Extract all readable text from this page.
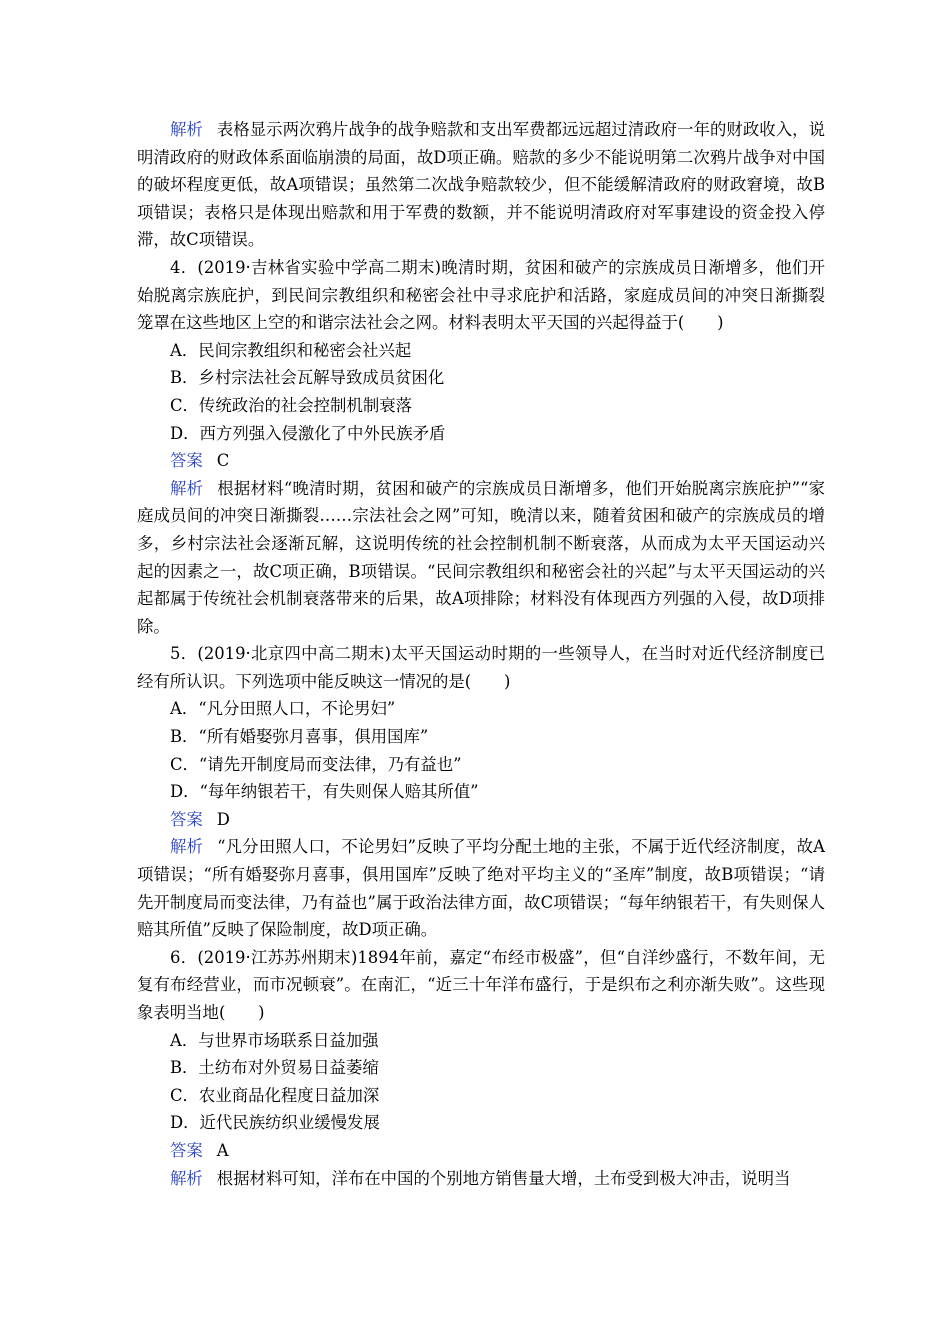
解析 表格显示两次鸦片战争的战争赔款和支出军费都远远超过清政府一年的财政收入，说明清政府的财政体系面临崩溃的局面，故D项正确。赔款的多少不能说明第二次鸦片战争对中国的破坏程度更低，故A项错误；虽然第二次战争赔款较少，但不能缓解清政府的财政窘境，故B项错误；表格只是体现出赔款和用于军费的数额，并不能说明清政府对军事建设的资金投入停滞，故C项错误。

4．(2019·吉林省实验中学高二期末)晚清时期，贫困和破产的宗族成员日渐增多，他们开始脱离宗族庇护，到民间宗教组织和秘密会社中寻求庇护和活路，家庭成员间的冲突日渐撕裂笼罩在这些地区上空的和谐宗法社会之网。材料表明太平天国的兴起得益于(　　)

A．民间宗教组织和秘密会社兴起

B．乡村宗法社会瓦解导致成员贫困化

C．传统政治的社会控制机制衰落

D．西方列强入侵激化了中外民族矛盾

答案 C

解析 根据材料“晚清时期，贫困和破产的宗族成员日渐增多，他们开始脱离宗族庇护”“家庭成员间的冲突日渐撕裂……宗法社会之网”可知，晚清以来，随着贫困和破产的宗族成员的增多，乡村宗法社会逐渐瓦解，这说明传统的社会控制机制不断衰落，从而成为太平天国运动兴起的因素之一，故C项正确，B项错误。“民间宗教组织和秘密会社的兴起”与太平天国运动的兴起都属于传统社会机制衰落带来的后果，故A项排除；材料没有体现西方列强的入侵，故D项排除。

5．(2019·北京四中高二期末)太平天国运动时期的一些领导人，在当时对近代经济制度已经有所认识。下列选项中能反映这一情况的是(　　)

A．“凡分田照人口，不论男妇”

B．“所有婚娶弥月喜事，俱用国库”

C．“请先开制度局而变法律，乃有益也”

D．“每年纳银若干，有失则保人赔其所值”

答案 D

解析 “凡分田照人口，不论男妇”反映了平均分配土地的主张，不属于近代经济制度，故A项错误；“所有婚娶弥月喜事，俱用国库”反映了绝对平均主义的“圣库”制度，故B项错误；“请先开制度局而变法律，乃有益也”属于政治法律方面，故C项错误；“每年纳银若干，有失则保人赔其所值”反映了保险制度，故D项正确。

6．(2019·江苏苏州期末)1894年前，嘉定“布经市极盛”，但“自洋纱盛行，不数年间，无复有布经营业，而市况顿衰”。在南汇，“近三十年洋布盛行，于是织布之利亦渐失败”。这些现象表明当地(　　)

A．与世界市场联系日益加强

B．土纺布对外贸易日益萎缩

C．农业商品化程度日益加深

D．近代民族纺织业缓慢发展

答案 A

解析 根据材料可知，洋布在中国的个别地方销售量大增，土布受到极大冲击，说明当
